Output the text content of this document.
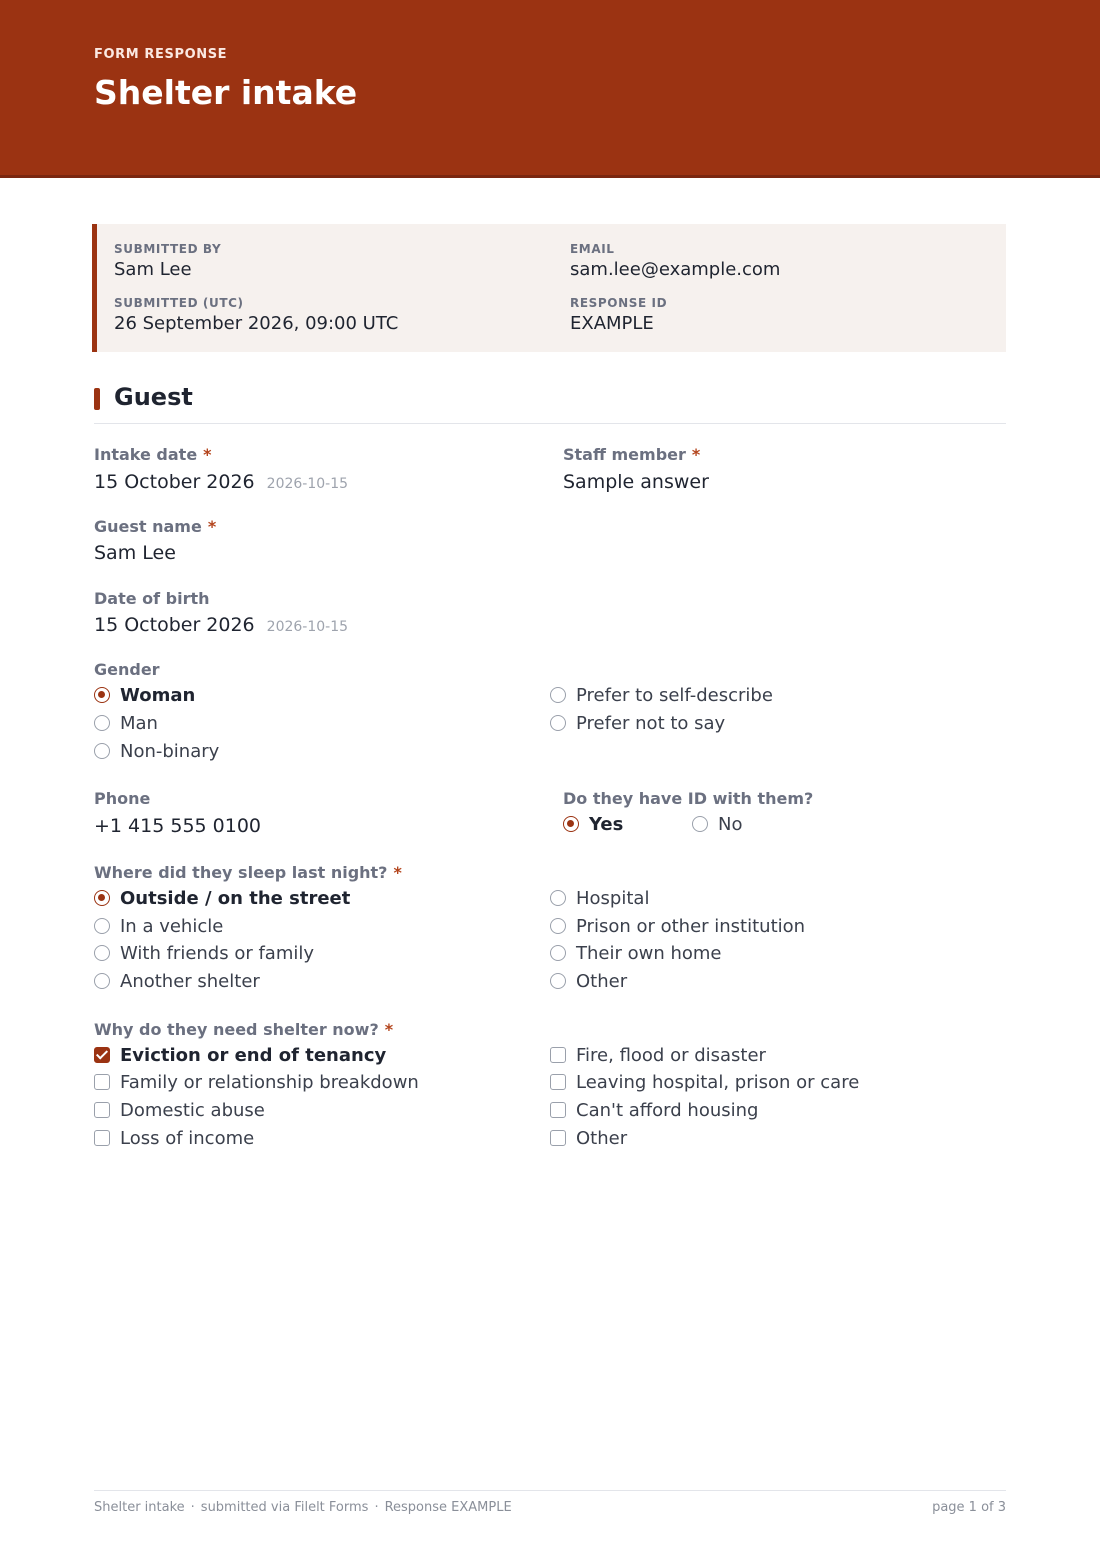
FORM RESPONSE
Shelter intake
SUBMITTED BY
Sam Lee
EMAIL
sam.lee@example.com
SUBMITTED (UTC)
26 September 2026, 09:00 UTC
RESPONSE ID
EXAMPLE
Guest
Intake date *
15 October 2026 2026-10-15
Staff member *
Sample answer
Guest name *
Sam Lee
Date of birth
15 October 2026 2026-10-15
Gender
Woman
Man
Non-binary
Prefer to self-describe
Prefer not to say
Phone
+1 415 555 0100
Do they have ID with them?
Yes	No
Where did they sleep last night? *
Outside / on the street
In a vehicle
With friends or family
Another shelter
Hospital
Prison or other institution
Their own home
Other
Why do they need shelter now? *
Eviction or end of tenancy
Family or relationship breakdown
Domestic abuse
Loss of income
Fire, flood or disaster
Leaving hospital, prison or care
Can't afford housing
Other
Shelter intake · submitted via Filelt Forms · Response EXAMPLE	page 1 of 3
